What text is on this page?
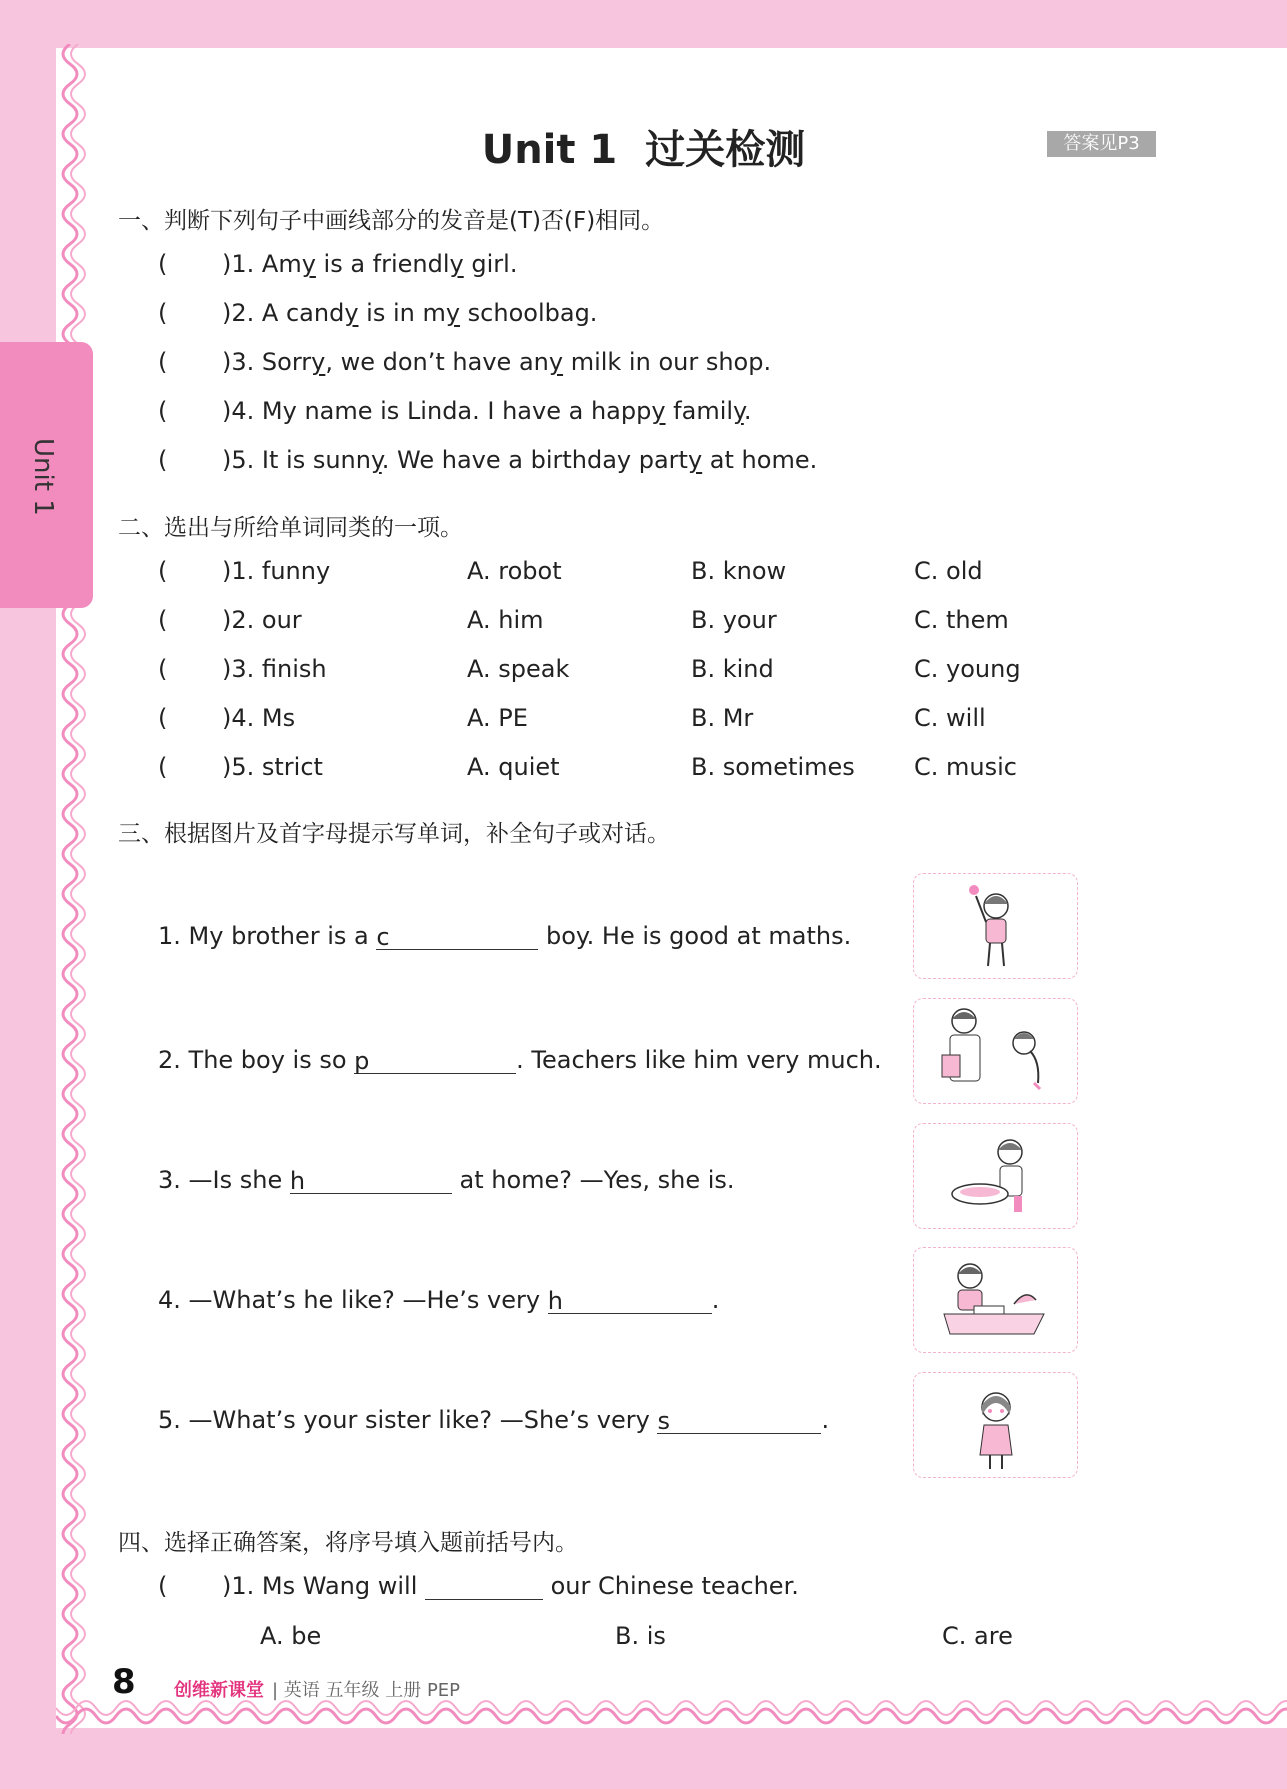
Unit 1
Unit 1 过关检测	答案见P3
一、判断下列句子中画线部分的发音是(T)否(F)相同。
( )1. Amy is a friendly girl.
( )2. A candy is in my schoolbag.
( )3. Sorry, we don’t have any milk in our shop.
( )4. My name is Linda. I have a happy family.
( )5. It is sunny. We have a birthday party at home.
二、选出与所给单词同类的一项。
( )1. funny	A. robot	B. know	C. old
( )2. our	A. him	B. your	C. them
( )3. finish	A. speak	B. kind	C. young
( )4. Ms	A. PE	B. Mr	C. will
( )5. strict	A. quiet	B. sometimes C. music
三、根据图片及首字母提示写单词，补全句子或对话。
1. My brother is a c	boy. He is good at maths.
2. The boy is so p	. Teachers like him very much.
3. —Is she h	at home? —Yes, she is.
4. —What’s he like? —He’s very h	.
5. —What’s your sister like? —She’s very s	.
四、选择正确答案，将序号填入题前括号内。
( )1. Ms Wang will	our Chinese teacher.
A. be	B. is	C. are
8 创维新课堂 | 英语 五年级 上册 PEP
